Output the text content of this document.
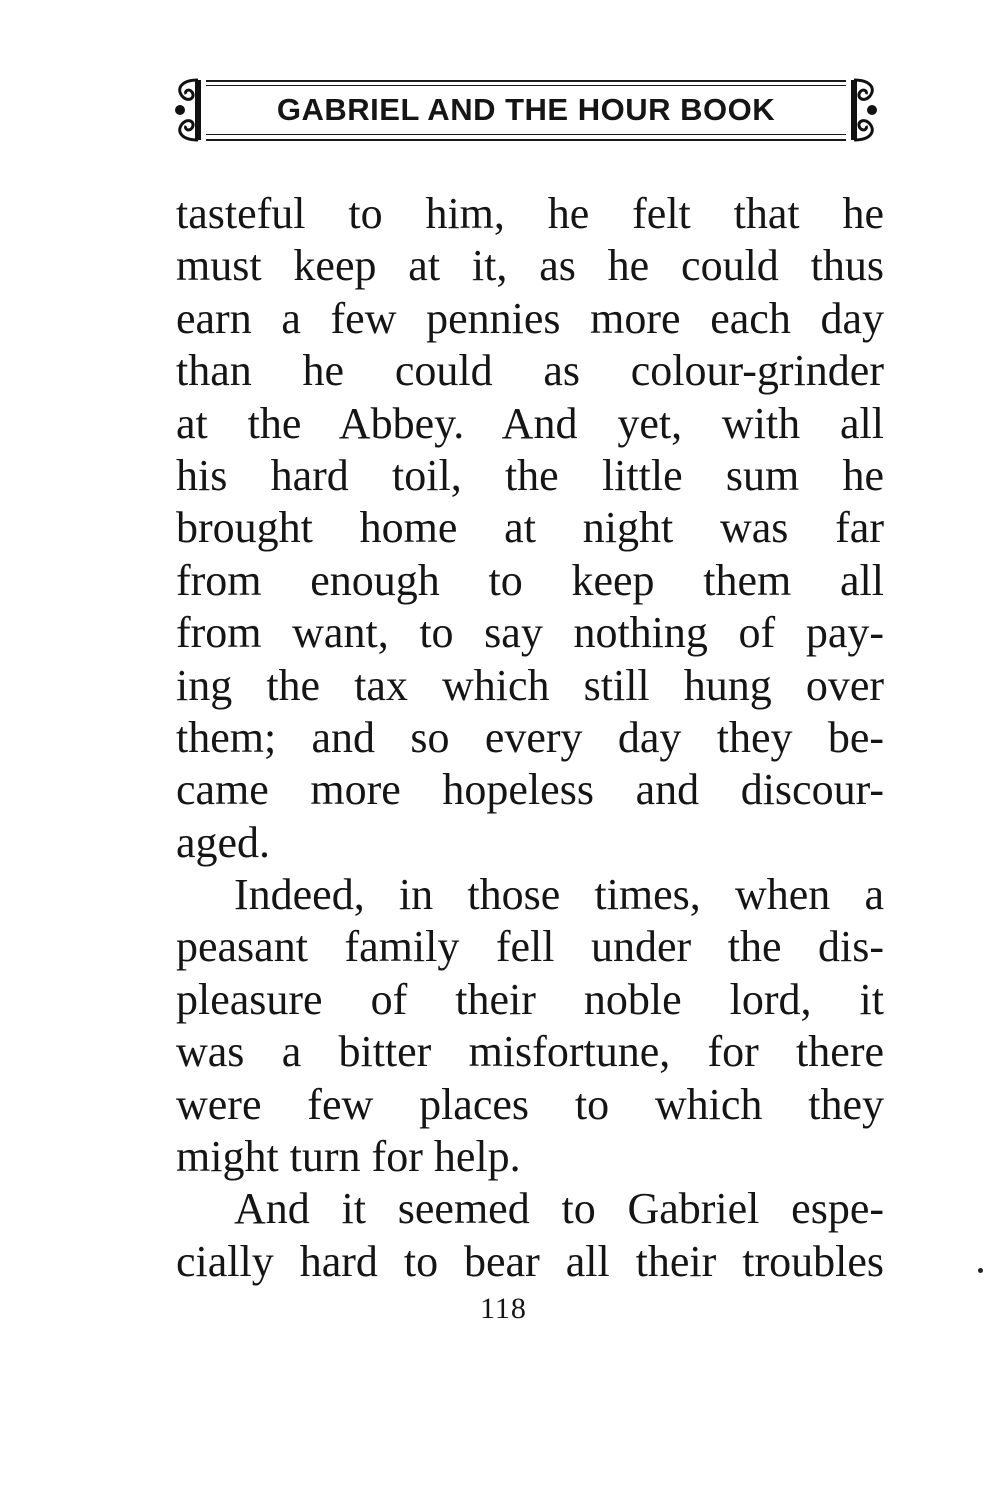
GABRIEL AND THE HOUR BOOK
tasteful to him, he felt that he
must keep at it, as he could thus
earn a few pennies more each day
than he could as colour-grinder
at the Abbey. And yet, with all
his hard toil, the little sum he
brought home at night was far
from enough to keep them all
from want, to say nothing of pay-
ing the tax which still hung over
them; and so every day they be-
came more hopeless and discour-
aged.
Indeed, in those times, when a
peasant family fell under the dis-
pleasure of their noble lord, it
was a bitter misfortune, for there
were few places to which they
might turn for help.
And it seemed to Gabriel espe-
cially hard to bear all their troubles
118
